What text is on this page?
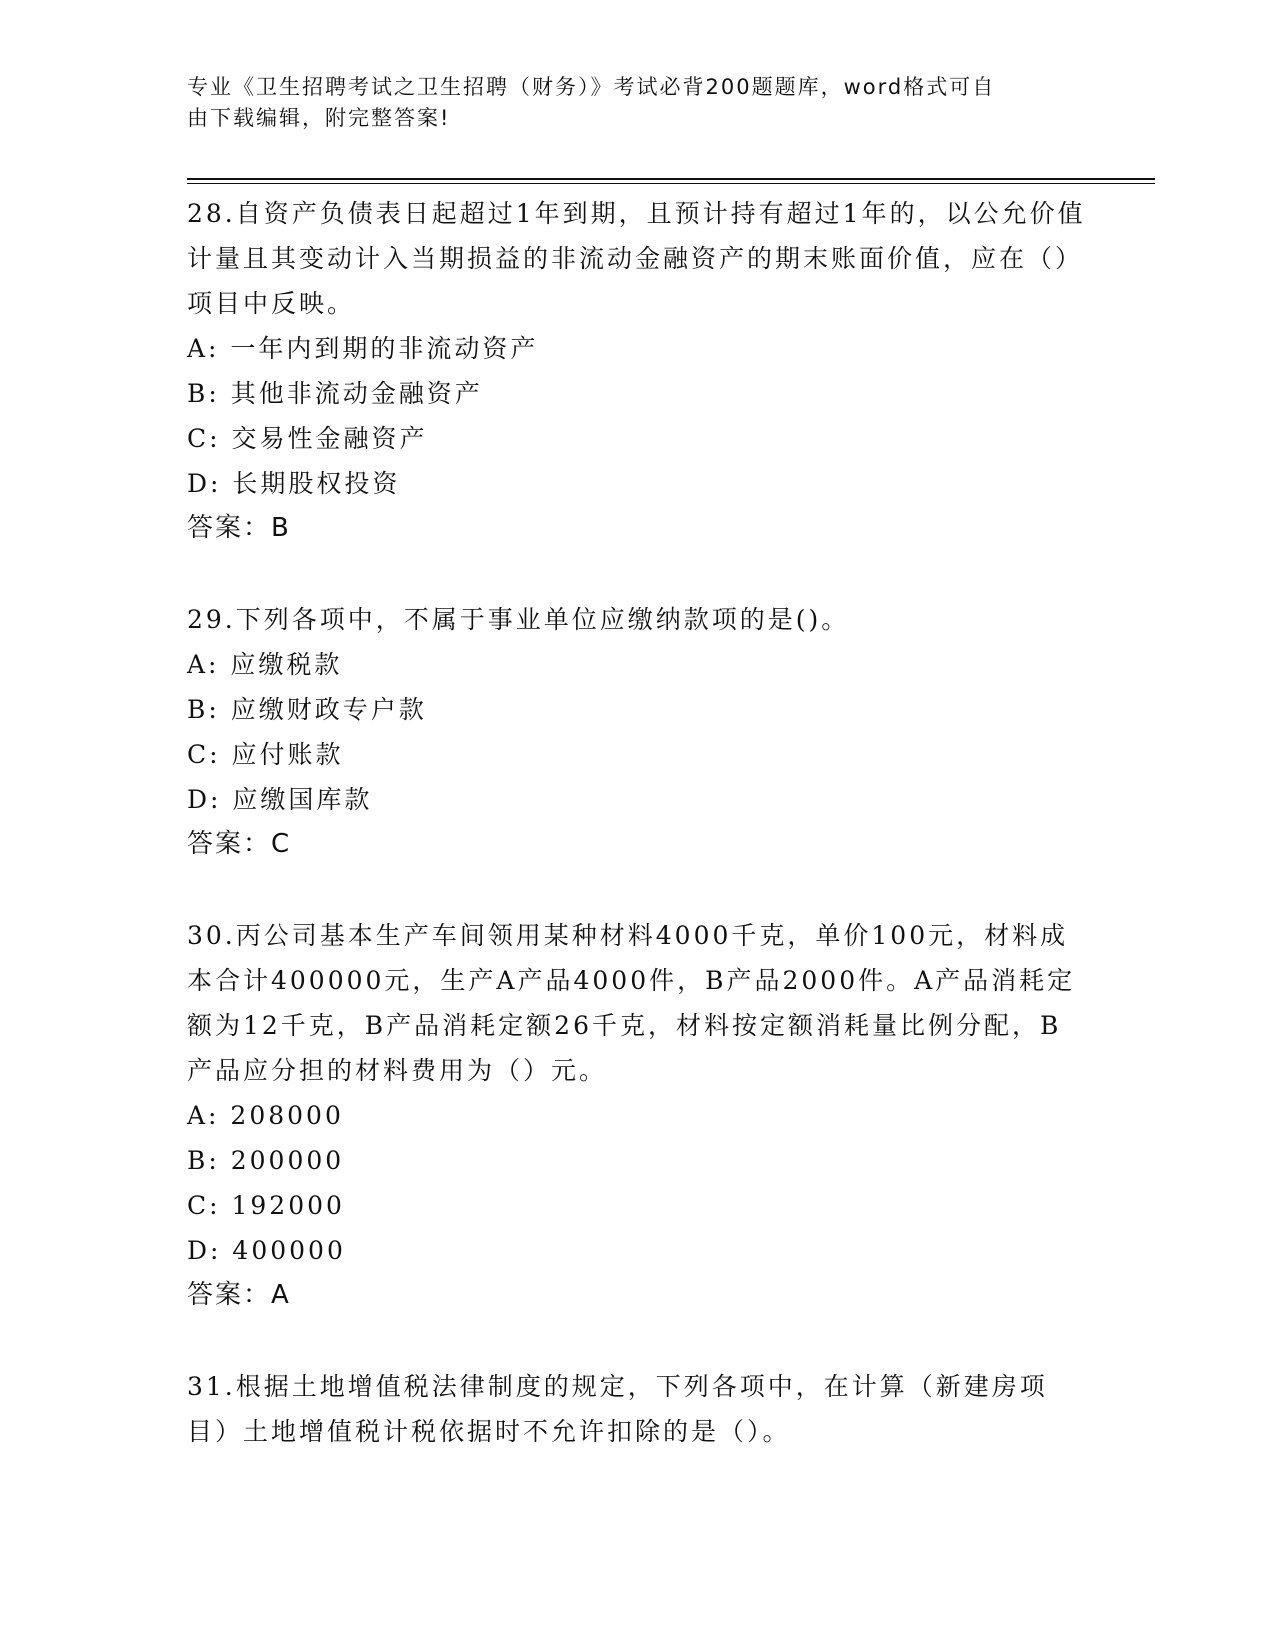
专业《卫生招聘考试之卫生招聘（财务）》考试必背200题题库，word格式可自
由下载编辑，附完整答案!

28.自资产负债表日起超过1年到期，且预计持有超过1年的，以公允价值计量且其变动计入当期损益的非流动金融资产的期末账面价值，应在（）项目中反映。

A: 一年内到期的非流动资产

B: 其他非流动金融资产

C: 交易性金融资产

D: 长期股权投资

答案：B

29.下列各项中，不属于事业单位应缴纳款项的是()。

A: 应缴税款

B: 应缴财政专户款

C: 应付账款

D: 应缴国库款

答案：C

30.丙公司基本生产车间领用某种材料4000千克，单价100元，材料成本合计400000元，生产A产品4000件，B产品2000件。A产品消耗定额为12千克，B产品消耗定额26千克，材料按定额消耗量比例分配，B产品应分担的材料费用为（）元。

A: 208000

B: 200000

C: 192000

D: 400000

答案：A

31.根据土地增值税法律制度的规定，下列各项中，在计算（新建房项目）土地增值税计税依据时不允许扣除的是（）。
